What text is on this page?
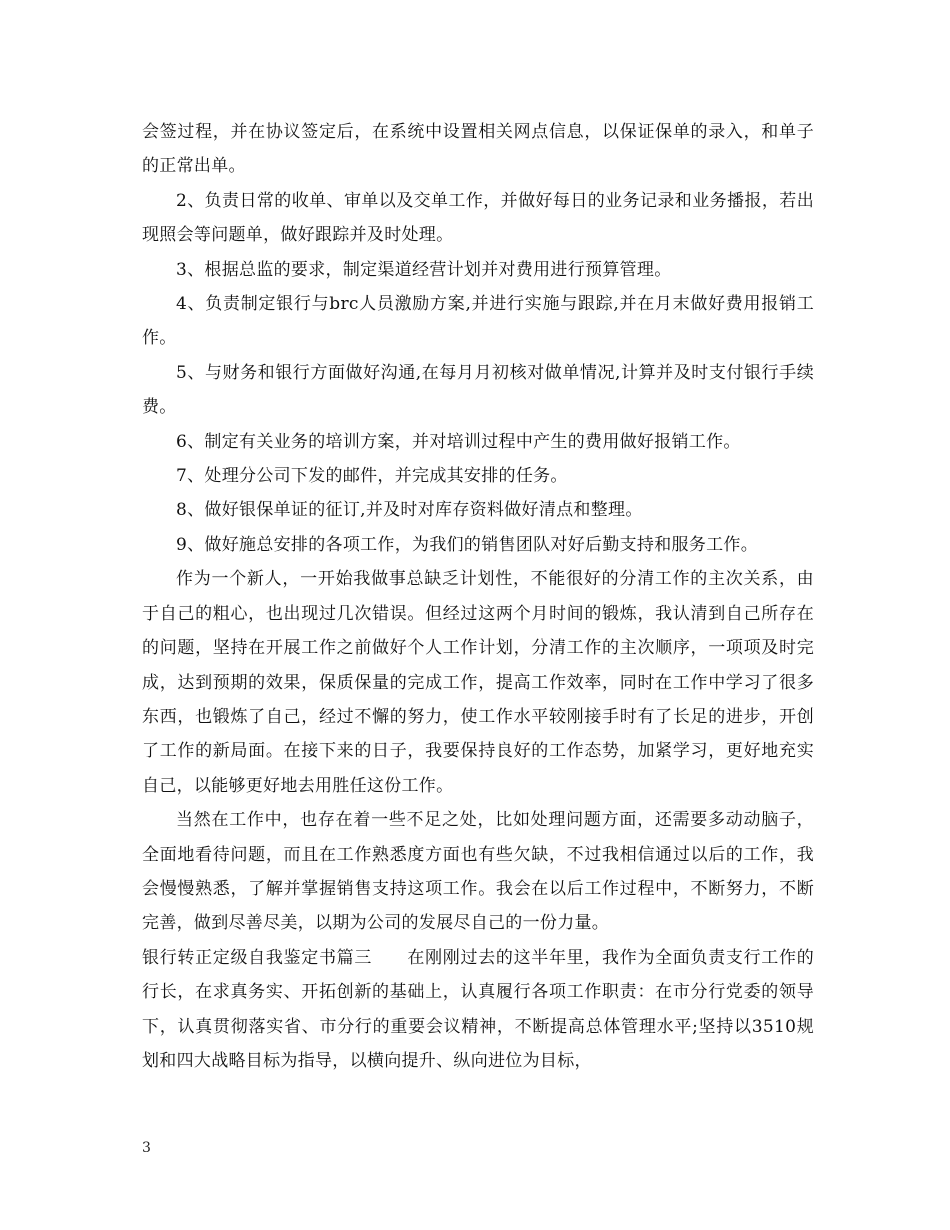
会签过程，并在协议签定后，在系统中设置相关网点信息，以保证保单的录入，和单子的正常出单。

2、负责日常的收单、审单以及交单工作，并做好每日的业务记录和业务播报，若出现照会等问题单，做好跟踪并及时处理。

3、根据总监的要求，制定渠道经营计划并对费用进行预算管理。

4、负责制定银行与brc人员激励方案,并进行实施与跟踪,并在月末做好费用报销工作。

5、与财务和银行方面做好沟通,在每月月初核对做单情况,计算并及时支付银行手续费。

6、制定有关业务的培训方案，并对培训过程中产生的费用做好报销工作。

7、处理分公司下发的邮件，并完成其安排的任务。

8、做好银保单证的征订,并及时对库存资料做好清点和整理。

9、做好施总安排的各项工作，为我们的销售团队对好后勤支持和服务工作。

作为一个新人，一开始我做事总缺乏计划性，不能很好的分清工作的主次关系，由于自己的粗心，也出现过几次错误。但经过这两个月时间的锻炼，我认清到自己所存在的问题，坚持在开展工作之前做好个人工作计划，分清工作的主次顺序，一项项及时完成，达到预期的效果，保质保量的完成工作，提高工作效率，同时在工作中学习了很多东西，也锻炼了自己，经过不懈的努力，使工作水平较刚接手时有了长足的进步，开创了工作的新局面。在接下来的日子，我要保持良好的工作态势，加紧学习，更好地充实自己，以能够更好地去用胜任这份工作。

当然在工作中，也存在着一些不足之处，比如处理问题方面，还需要多动动脑子，全面地看待问题，而且在工作熟悉度方面也有些欠缺，不过我相信通过以后的工作，我会慢慢熟悉，了解并掌握销售支持这项工作。我会在以后工作过程中，不断努力，不断完善，做到尽善尽美，以期为公司的发展尽自己的一份力量。

银行转正定级自我鉴定书篇三　　在刚刚过去的这半年里，我作为全面负责支行工作的行长，在求真务实、开拓创新的基础上，认真履行各项工作职责：在市分行党委的领导下，认真贯彻落实省、市分行的重要会议精神，不断提高总体管理水平;坚持以3510规划和四大战略目标为指导，以横向提升、纵向进位为目标，

3
